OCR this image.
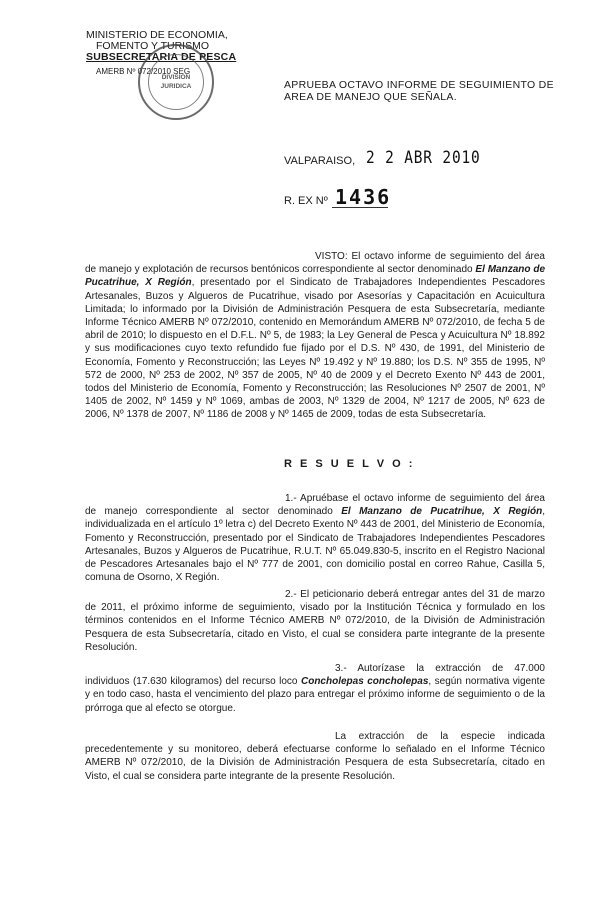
MINISTERIO DE ECONOMIA,
FOMENTO Y TURISMO
SUBSECRETARIA DE PESCA
AMERB Nº 072/2010 SEG
DIVISION
JURIDICA	APRUEBA OCTAVO INFORME DE SEGUIMIENTO DE AREA DE MANEJO QUE SEÑALA.
VALPARAISO, 2 2 ABR 2010
R. EX Nº 1436
VISTO: El octavo informe de seguimiento del área de manejo y explotación de recursos bentónicos correspondiente al sector denominado El Manzano de Pucatrihue, X Región, presentado por el Sindicato de Trabajadores Independientes Pescadores Artesanales, Buzos y Algueros de Pucatrihue, visado por Asesorías y Capacitación en Acuicultura Limitada; lo informado por la División de Administración Pesquera de esta Subsecretaría, mediante Informe Técnico AMERB Nº 072/2010, contenido en Memorándum AMERB Nº 072/2010, de fecha 5 de abril de 2010; lo dispuesto en el D.F.L. Nº 5, de 1983; la Ley General de Pesca y Acuicultura Nº 18.892 y sus modificaciones cuyo texto refundido fue fijado por el D.S. Nº 430, de 1991, del Ministerio de Economía, Fomento y Reconstrucción; las Leyes Nº 19.492 y Nº 19.880; los D.S. Nº 355 de 1995, Nº 572 de 2000, Nº 253 de 2002, Nº 357 de 2005, Nº 40 de 2009 y el Decreto Exento Nº 443 de 2001, todos del Ministerio de Economía, Fomento y Reconstrucción; las Resoluciones Nº 2507 de 2001, Nº 1405 de 2002, Nº 1459 y Nº 1069, ambas de 2003, Nº 1329 de 2004, Nº 1217 de 2005, Nº 623 de 2006, Nº 1378 de 2007, Nº 1186 de 2008 y Nº 1465 de 2009, todas de esta Subsecretaría.
R E S U E L V O :
1.- Apruébase el octavo informe de seguimiento del área de manejo correspondiente al sector denominado El Manzano de Pucatrihue, X Región, individualizada en el artículo 1º letra c) del Decreto Exento Nº 443 de 2001, del Ministerio de Economía, Fomento y Reconstrucción, presentado por el Sindicato de Trabajadores Independientes Pescadores Artesanales, Buzos y Algueros de Pucatrihue, R.U.T. Nº 65.049.830-5, inscrito en el Registro Nacional de Pescadores Artesanales bajo el Nº 777 de 2001, con domicilio postal en correo Rahue, Casilla 5, comuna de Osorno, X Región.
2.- El peticionario deberá entregar antes del 31 de marzo de 2011, el próximo informe de seguimiento, visado por la Institución Técnica y formulado en los términos contenidos en el Informe Técnico AMERB Nº 072/2010, de la División de Administración Pesquera de esta Subsecretaría, citado en Visto, el cual se considera parte integrante de la presente Resolución.
3.- Autorízase la extracción de 47.000 individuos (17.630 kilogramos) del recurso loco Concholepas concholepas, según normativa vigente y en todo caso, hasta el vencimiento del plazo para entregar el próximo informe de seguimiento o de la prórroga que al efecto se otorgue.
La extracción de la especie indicada precedentemente y su monitoreo, deberá efectuarse conforme lo señalado en el Informe Técnico AMERB Nº 072/2010, de la División de Administración Pesquera de esta Subsecretaría, citado en Visto, el cual se considera parte integrante de la presente Resolución.
